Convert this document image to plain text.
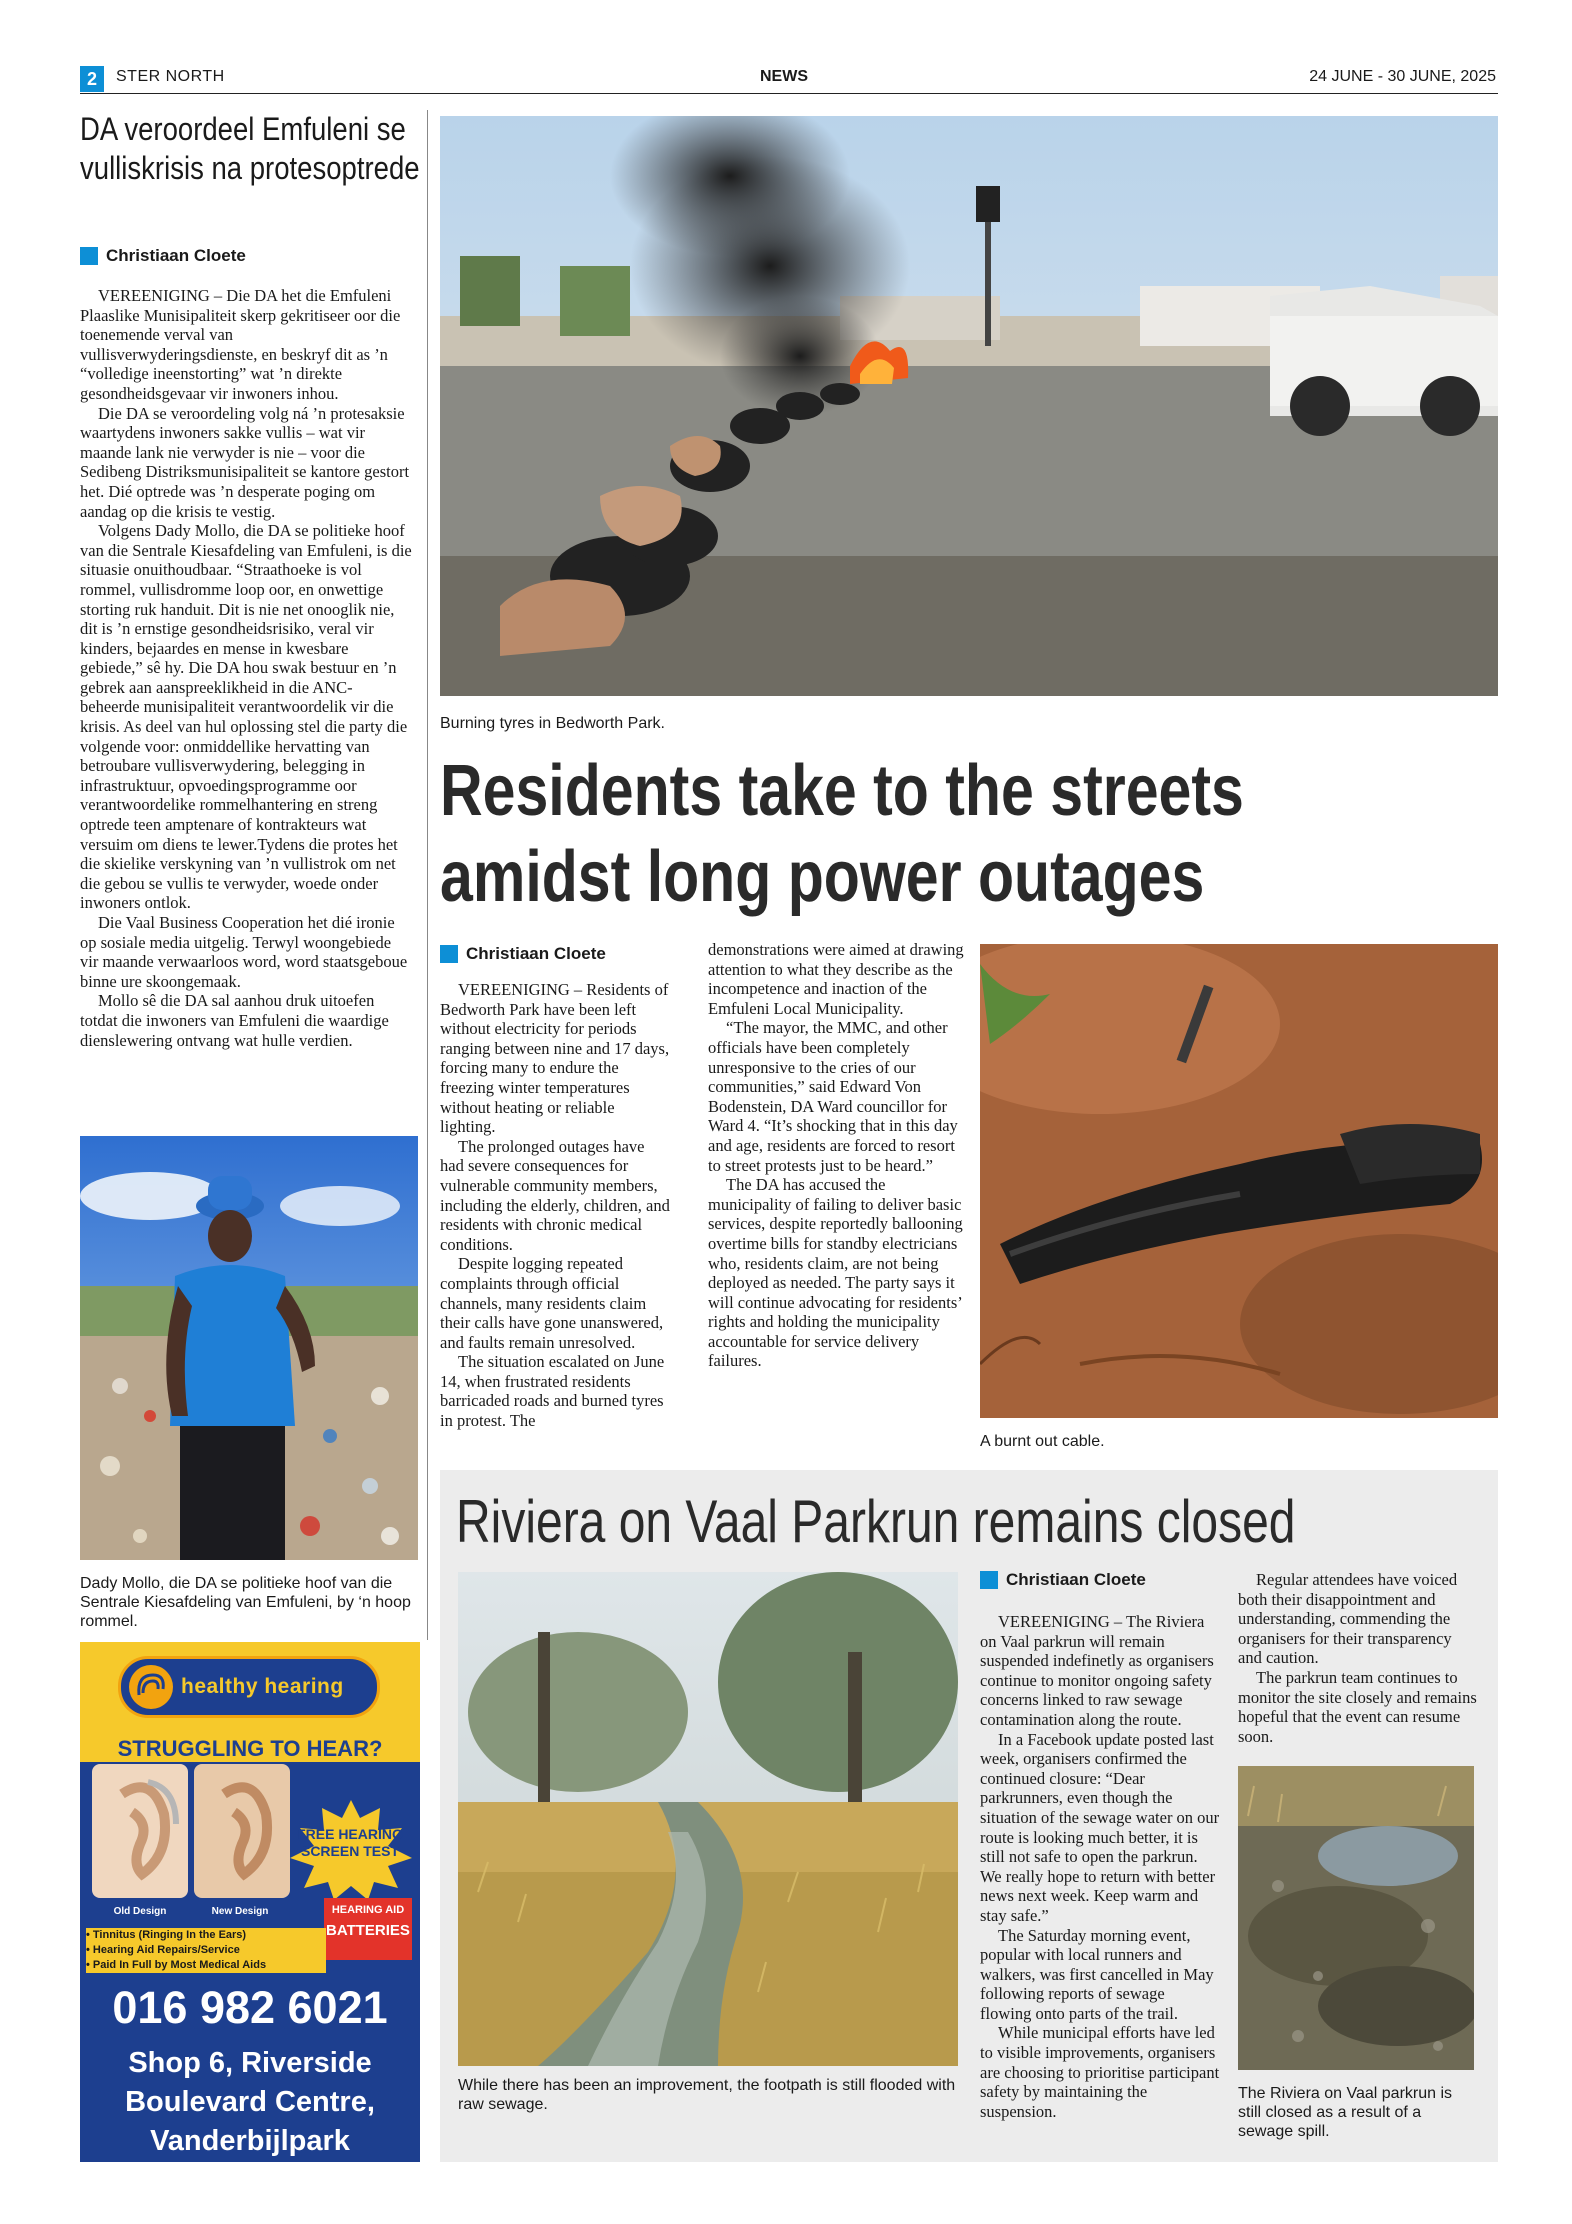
2	STER NORTH	NEWS	24 JUNE - 30 JUNE, 2025
DA veroordeel Emfuleni se vulliskrisis na protesoptrede
Christiaan Cloete

VEREENIGING – Die DA het die Emfuleni Plaaslike Munisipaliteit skerp gekritiseer oor die toenemende verval van vullisverwyderingsdienste, en beskryf dit as ’n “volledige ineenstorting” wat ’n direkte gesondheidsgevaar vir inwoners inhou.

Die DA se veroordeling volg ná ’n protesaksie waartydens inwoners sakke vullis – wat vir maande lank nie verwyder is nie – voor die Sedibeng Distriksmunisipaliteit se kantore gestort het. Dié optrede was ’n desperate poging om aandag op die krisis te vestig.

Volgens Dady Mollo, die DA se politieke hoof van die Sentrale Kiesafdeling van Emfuleni, is die situasie onuithoudbaar. “Straathoeke is vol rommel, vullisdromme loop oor, en onwettige storting ruk handuit. Dit is nie net onooglik nie, dit is ’n ernstige gesondheidsrisiko, veral vir kinders, bejaardes en mense in kwesbare gebiede,” sê hy. Die DA hou swak bestuur en ’n gebrek aan aanspreeklikheid in die ANC-beheerde munisipaliteit verantwoordelik vir die krisis. As deel van hul oplossing stel die party die volgende voor: onmiddellike hervatting van betroubare vullisverwydering, belegging in infrastruktuur, opvoedingsprogramme oor verantwoordelike rommelhantering en streng optrede teen amptenare of kontrakteurs wat versuim om diens te lewer.Tydens die protes het die skielike verskyning van ’n vullistrok om net die gebou se vullis te verwyder, woede onder inwoners ontlok.

Die Vaal Business Cooperation het dié ironie op sosiale media uitgelig. Terwyl woongebiede vir maande verwaarloos word, word staatsgeboue binne ure skoongemaak.

Mollo sê die DA sal aanhou druk uitoefen totdat die inwoners van Emfuleni die waardige dienslewering ontvang wat hulle verdien.

Dady Mollo, die DA se politieke hoof van die Sentrale Kiesafdeling van Emfuleni, by ‘n hoop rommel.
healthy hearing
STRUGGLING TO HEAR?
Old Design	New Design
FREE HEARING SCREEN TEST
HEARING AID
BATTERIES
• Tinnitus (Ringing In the Ears)
• Hearing Aid Repairs/Service
• Paid In Full by Most Medical Aids
016 982 6021
Shop 6, Riverside
Boulevard Centre,
Vanderbijlpark
Burning tyres in Bedworth Park.
Residents take to the streets
amidst long power outages
Christiaan Cloete

VEREENIGING – Residents of Bedworth Park have been left without electricity for periods ranging between nine and 17 days, forcing many to endure the freezing winter temperatures without heating or reliable lighting.

The prolonged outages have had severe consequences for vulnerable community members, including the elderly, children, and residents with chronic medical conditions.

Despite logging repeated complaints through official channels, many residents claim their calls have gone unanswered, and faults remain unresolved.

The situation escalated on June 14, when frustrated residents barricaded roads and burned tyres in protest. The

demonstrations were aimed at drawing attention to what they describe as the incompetence and inaction of the Emfuleni Local Municipality.

“The mayor, the MMC, and other officials have been completely unresponsive to the cries of our communities,” said Edward Von Bodenstein, DA Ward councillor for Ward 4. “It’s shocking that in this day and age, residents are forced to resort to street protests just to be heard.”

The DA has accused the municipality of failing to deliver basic services, despite reportedly ballooning overtime bills for standby electricians who, residents claim, are not being deployed as needed. The party says it will continue advocating for residents’ rights and holding the municipality accountable for service delivery failures.

A burnt out cable.
Riviera on Vaal Parkrun remains closed
While there has been an improvement, the footpath is still flooded with raw sewage.
Christiaan Cloete

VEREENIGING – The Riviera on Vaal parkrun will remain suspended indefinetly as organisers continue to monitor ongoing safety concerns linked to raw sewage contamination along the route.

In a Facebook update posted last week, organisers confirmed the continued closure: “Dear parkrunners, even though the situation of the sewage water on our route is looking much better, it is still not safe to open the parkrun. We really hope to return with better news next week. Keep warm and stay safe.”

The Saturday morning event, popular with local runners and walkers, was first cancelled in May following reports of sewage flowing onto parts of the trail.

While municipal efforts have led to visible improvements, organisers are choosing to prioritise participant safety by maintaining the suspension.

Regular attendees have voiced both their disappointment and understanding, commending the organisers for their transparency and caution.

The parkrun team continues to monitor the site closely and remains hopeful that the event can resume soon.

The Riviera on Vaal parkrun is still closed as a result of a sewage spill.
